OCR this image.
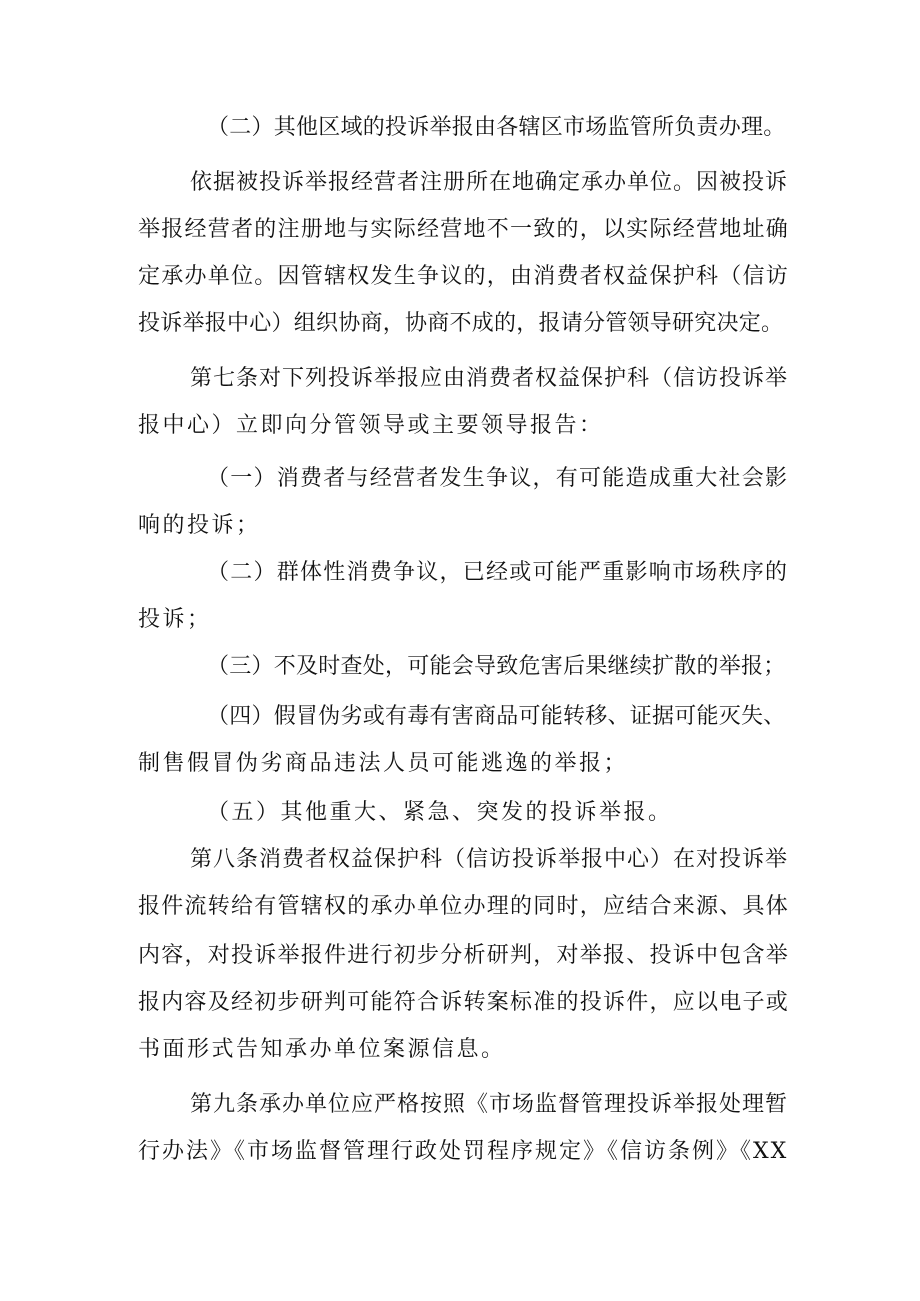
（二）其他区域的投诉举报由各辖区市场监管所负责办理。
依据被投诉举报经营者注册所在地确定承办单位。因被投诉
举报经营者的注册地与实际经营地不一致的，以实际经营地址确
定承办单位。因管辖权发生争议的，由消费者权益保护科（信访
投诉举报中心）组织协商，协商不成的，报请分管领导研究决定。
第七条对下列投诉举报应由消费者权益保护科（信访投诉举
报中心）立即向分管领导或主要领导报告：
（一）消费者与经营者发生争议，有可能造成重大社会影
响的投诉；
（二）群体性消费争议，已经或可能严重影响市场秩序的
投诉；
（三）不及时查处，可能会导致危害后果继续扩散的举报；
（四）假冒伪劣或有毒有害商品可能转移、证据可能灭失、
制售假冒伪劣商品违法人员可能逃逸的举报；
（五）其他重大、紧急、突发的投诉举报。
第八条消费者权益保护科（信访投诉举报中心）在对投诉举
报件流转给有管辖权的承办单位办理的同时，应结合来源、具体
内容，对投诉举报件进行初步分析研判，对举报、投诉中包含举
报内容及经初步研判可能符合诉转案标准的投诉件，应以电子或
书面形式告知承办单位案源信息。
第九条承办单位应严格按照《市场监督管理投诉举报处理暂
行办法》《市场监督管理行政处罚程序规定》《信访条例》《XX
